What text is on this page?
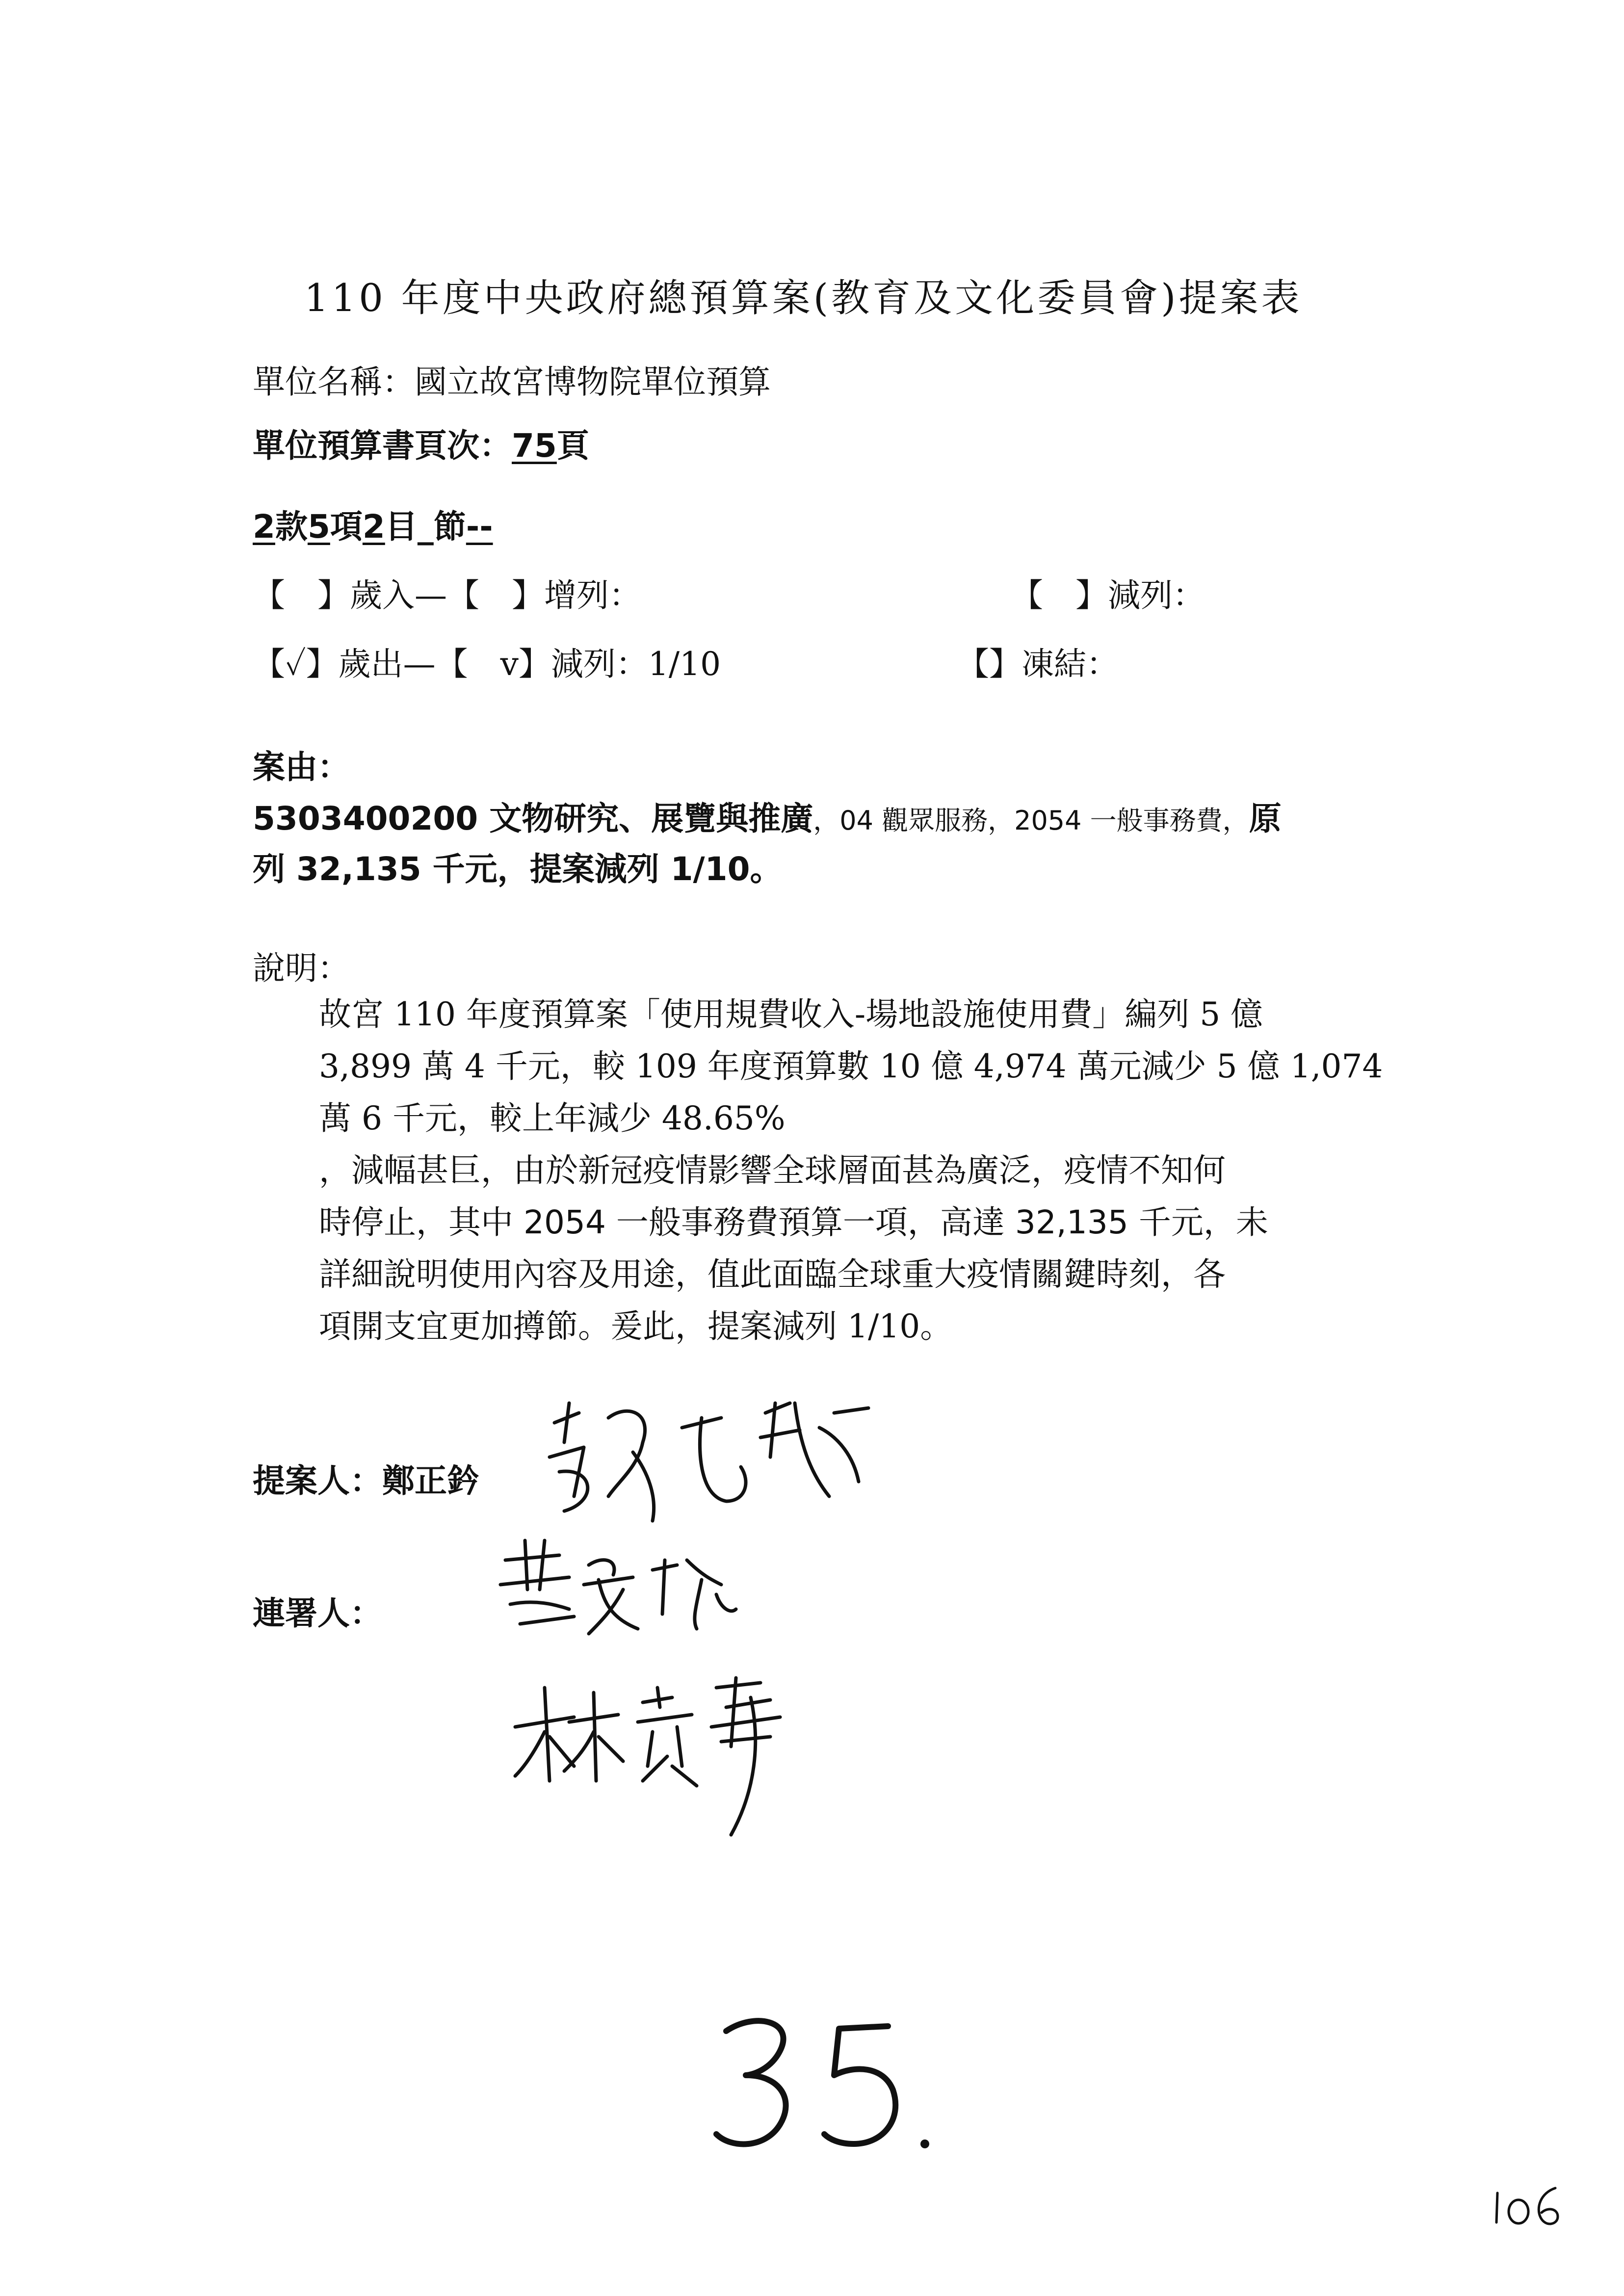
110 年度中央政府總預算案(教育及文化委員會)提案表
單位名稱：國立故宮博物院單位預算
單位預算書頁次：75頁
2款5項2目_節--
【　】歲入—【　】增列：	【　】減列：
【✓】歲出—【　v】減列：1/10	【】凍結：
案由：
5303400200 文物研究、展覽與推廣，04 觀眾服務，2054 一般事務費，原
列 32,135 千元，提案減列 1/10。
說明：
故宮 110 年度預算案「使用規費收入-場地設施使用費」編列 5 億
3,899 萬 4 千元，較 109 年度預算數 10 億 4,974 萬元減少 5 億 1,074
萬 6 千元，較上年減少 48.65%
，減幅甚巨，由於新冠疫情影響全球層面甚為廣泛，疫情不知何
時停止，其中 2054 一般事務費預算一項，高達 32,135 千元，未
詳細說明使用內容及用途，值此面臨全球重大疫情關鍵時刻，各
項開支宜更加撙節。爰此，提案減列 1/10。
提案人：鄭正鈐
連署人：
35.
106
